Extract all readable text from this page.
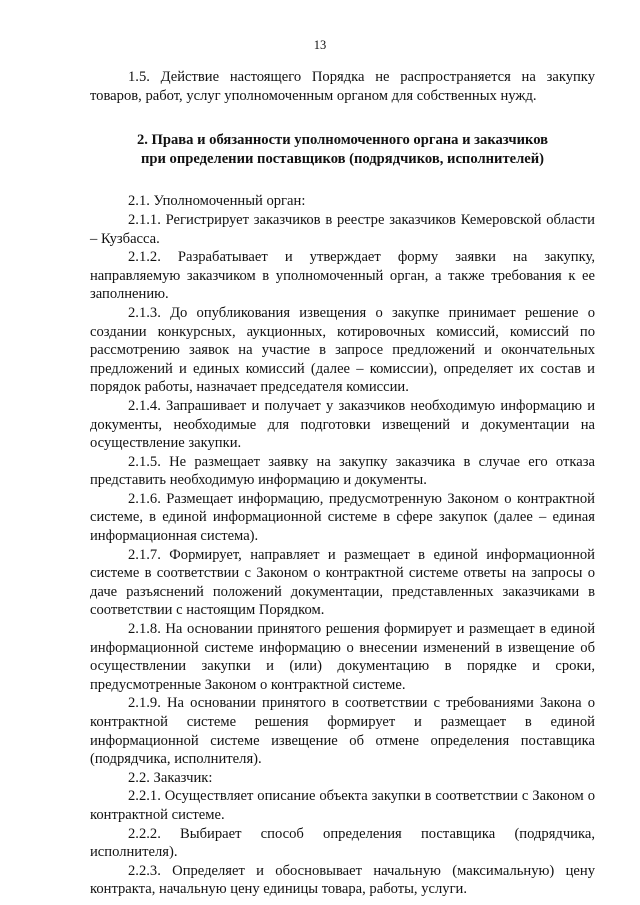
13

1.5. Действие настоящего Порядка не распространяется на закупку товаров, работ, услуг уполномоченным органом для собственных нужд.

2. Права и обязанности уполномоченного органа и заказчиков
при определении поставщиков (подрядчиков, исполнителей)

2.1. Уполномоченный орган:

2.1.1. Регистрирует заказчиков в реестре заказчиков Кемеровской области – Кузбасса.

2.1.2. Разрабатывает и утверждает форму заявки на закупку, направляемую заказчиком в уполномоченный орган, а также требования к ее заполнению.

2.1.3. До опубликования извещения о закупке принимает решение о создании конкурсных, аукционных, котировочных комиссий, комиссий по рассмотрению заявок на участие в запросе предложений и окончательных предложений и единых комиссий (далее – комиссии), определяет их состав и порядок работы, назначает председателя комиссии.

2.1.4. Запрашивает и получает у заказчиков необходимую информацию и документы, необходимые для подготовки извещений и документации на осуществление закупки.

2.1.5. Не размещает заявку на закупку заказчика в случае его отказа представить необходимую информацию и документы.

2.1.6. Размещает информацию, предусмотренную Законом о контрактной системе, в единой информационной системе в сфере закупок (далее – единая информационная система).

2.1.7. Формирует, направляет и размещает в единой информационной системе в соответствии с Законом о контрактной системе ответы на запросы о даче разъяснений положений документации, представленных заказчиками в соответствии с настоящим Порядком.

2.1.8. На основании принятого решения формирует и размещает в единой информационной системе информацию о внесении изменений в извещение об осуществлении закупки и (или) документацию в порядке и сроки, предусмотренные Законом о контрактной системе.

2.1.9. На основании принятого в соответствии с требованиями Закона о контрактной системе решения формирует и размещает в единой информационной системе извещение об отмене определения поставщика (подрядчика, исполнителя).

2.2. Заказчик:

2.2.1. Осуществляет описание объекта закупки в соответствии с Законом о контрактной системе.

2.2.2. Выбирает способ определения поставщика (подрядчика, исполнителя).

2.2.3. Определяет и обосновывает начальную (максимальную) цену контракта, начальную цену единицы товара, работы, услуги.
